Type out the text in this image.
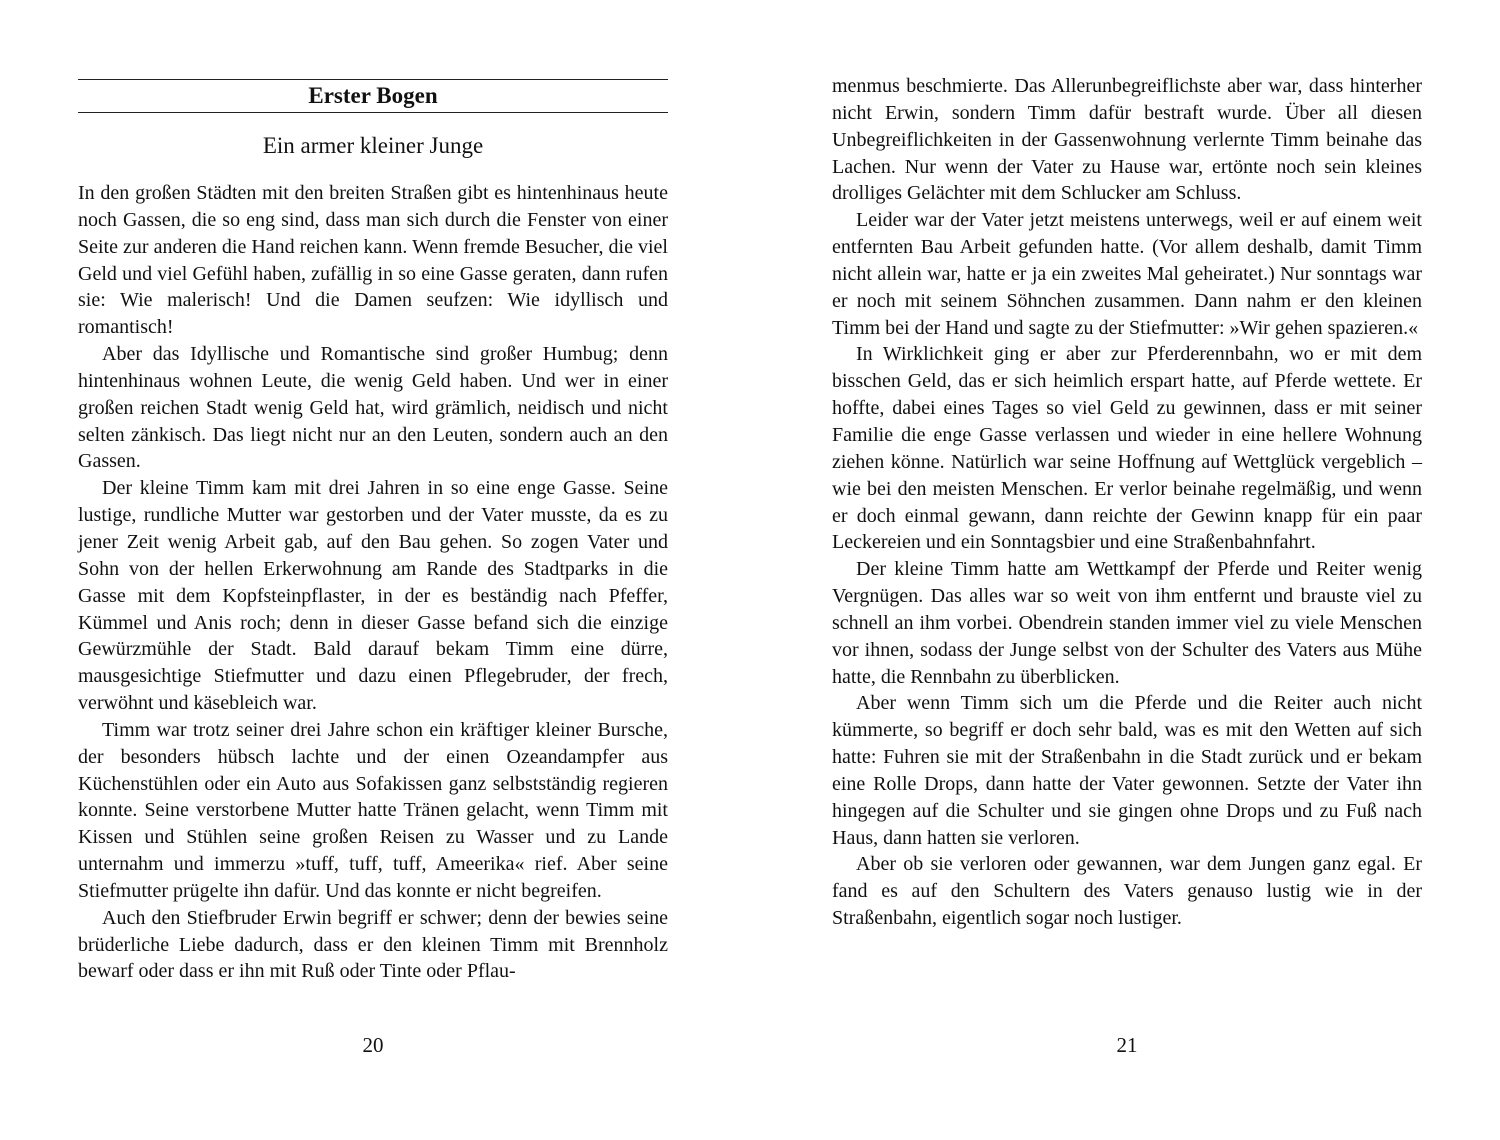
Erster Bogen
Ein armer kleiner Junge

In den großen Städten mit den breiten Straßen gibt es hintenhinaus heute noch Gassen, die so eng sind, dass man sich durch die Fenster von einer Seite zur anderen die Hand reichen kann. Wenn fremde Besucher, die viel Geld und viel Gefühl haben, zufällig in so eine Gasse geraten, dann rufen sie: Wie malerisch! Und die Damen seufzen: Wie idyllisch und romantisch!

Aber das Idyllische und Romantische sind großer Humbug; denn hintenhinaus wohnen Leute, die wenig Geld haben. Und wer in einer großen reichen Stadt wenig Geld hat, wird grämlich, neidisch und nicht selten zänkisch. Das liegt nicht nur an den Leuten, sondern auch an den Gassen.

Der kleine Timm kam mit drei Jahren in so eine enge Gasse. Seine lustige, rundliche Mutter war gestorben und der Vater musste, da es zu jener Zeit wenig Arbeit gab, auf den Bau gehen. So zogen Vater und Sohn von der hellen Erkerwohnung am Rande des Stadtparks in die Gasse mit dem Kopfsteinpflaster, in der es beständig nach Pfeffer, Kümmel und Anis roch; denn in dieser Gasse befand sich die einzige Gewürzmühle der Stadt. Bald darauf bekam Timm eine dürre, mausgesichtige Stiefmutter und dazu einen Pflegebruder, der frech, verwöhnt und käsebleich war.

Timm war trotz seiner drei Jahre schon ein kräftiger kleiner Bursche, der besonders hübsch lachte und der einen Ozeandampfer aus Küchenstühlen oder ein Auto aus Sofakissen ganz selbstständig regieren konnte. Seine verstorbene Mutter hatte Tränen gelacht, wenn Timm mit Kissen und Stühlen seine großen Reisen zu Wasser und zu Lande unternahm und immerzu »tuff, tuff, tuff, Ameerika« rief. Aber seine Stiefmutter prügelte ihn dafür. Und das konnte er nicht begreifen.

Auch den Stiefbruder Erwin begriff er schwer; denn der bewies seine brüderliche Liebe dadurch, dass er den kleinen Timm mit Brennholz bewarf oder dass er ihn mit Ruß oder Tinte oder Pflau-

20

menmus beschmierte. Das Allerunbegreiflichste aber war, dass hinterher nicht Erwin, sondern Timm dafür bestraft wurde. Über all diesen Unbegreiflichkeiten in der Gassenwohnung verlernte Timm beinahe das Lachen. Nur wenn der Vater zu Hause war, ertönte noch sein kleines drolliges Gelächter mit dem Schlucker am Schluss.

Leider war der Vater jetzt meistens unterwegs, weil er auf einem weit entfernten Bau Arbeit gefunden hatte. (Vor allem deshalb, damit Timm nicht allein war, hatte er ja ein zweites Mal geheiratet.) Nur sonntags war er noch mit seinem Söhnchen zusammen. Dann nahm er den kleinen Timm bei der Hand und sagte zu der Stiefmutter: »Wir gehen spazieren.«

In Wirklichkeit ging er aber zur Pferderennbahn, wo er mit dem bisschen Geld, das er sich heimlich erspart hatte, auf Pferde wettete. Er hoffte, dabei eines Tages so viel Geld zu gewinnen, dass er mit seiner Familie die enge Gasse verlassen und wieder in eine hellere Wohnung ziehen könne. Natürlich war seine Hoffnung auf Wettglück vergeblich – wie bei den meisten Menschen. Er verlor beinahe regelmäßig, und wenn er doch einmal gewann, dann reichte der Gewinn knapp für ein paar Leckereien und ein Sonntagsbier und eine Straßenbahnfahrt.

Der kleine Timm hatte am Wettkampf der Pferde und Reiter wenig Vergnügen. Das alles war so weit von ihm entfernt und brauste viel zu schnell an ihm vorbei. Obendrein standen immer viel zu viele Menschen vor ihnen, sodass der Junge selbst von der Schulter des Vaters aus Mühe hatte, die Rennbahn zu überblicken.

Aber wenn Timm sich um die Pferde und die Reiter auch nicht kümmerte, so begriff er doch sehr bald, was es mit den Wetten auf sich hatte: Fuhren sie mit der Straßenbahn in die Stadt zurück und er bekam eine Rolle Drops, dann hatte der Vater gewonnen. Setzte der Vater ihn hingegen auf die Schulter und sie gingen ohne Drops und zu Fuß nach Haus, dann hatten sie verloren.

Aber ob sie verloren oder gewannen, war dem Jungen ganz egal. Er fand es auf den Schultern des Vaters genauso lustig wie in der Straßenbahn, eigentlich sogar noch lustiger.

21
